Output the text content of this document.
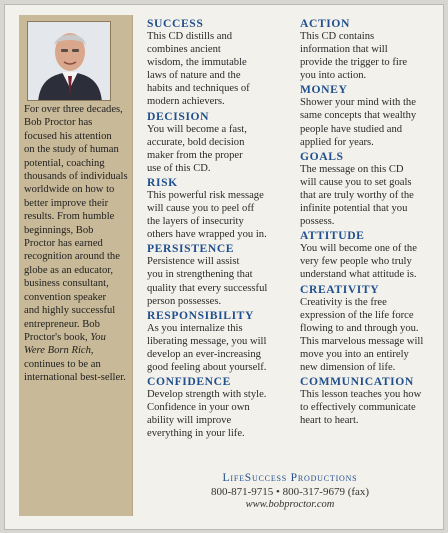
For over three decades,
Bob Proctor has
focused his attention
on the study of human
potential, coaching
thousands of individuals
worldwide on how to
better improve their
results. From humble
beginnings, Bob
Proctor has earned
recognition around the
globe as an educator,
business consultant,
convention speaker
and highly successful
entrepreneur. Bob
Proctor's book, You
Were Born Rich,
continues to be an
international best-seller.

SUCCESS
This CD distills and
combines ancient
wisdom, the immutable
laws of nature and the
habits and techniques of
modern achievers.
DECISION
You will become a fast,
accurate, bold decision
maker from the proper
use of this CD.
RISK
This powerful risk message
will cause you to peel off
the layers of insecurity
others have wrapped you in.
PERSISTENCE
Persistence will assist
you in strengthening that
quality that every successful
person possesses.
RESPONSIBILITY
As you internalize this
liberating message, you will
develop an ever-increasing
good feeling about yourself.
CONFIDENCE
Develop strength with style.
Confidence in your own
ability will improve
everything in your life.
ACTION
This CD contains
information that will
provide the trigger to fire
you into action.
MONEY
Shower your mind with the
same concepts that wealthy
people have studied and
applied for years.
GOALS
The message on this CD
will cause you to set goals
that are truly worthy of the
infinite potential that you
possess.
ATTITUDE
You will become one of the
very few people who truly
understand what attitude is.
CREATIVITY
Creativity is the free
expression of the life force
flowing to and through you.
This marvelous message will
move you into an entirely
new dimension of life.
COMMUNICATION
This lesson teaches you how
to effectively communicate
heart to heart.
LifeSuccess Productions
800-871-9715 • 800-317-9679 (fax)
www.bobproctor.com
